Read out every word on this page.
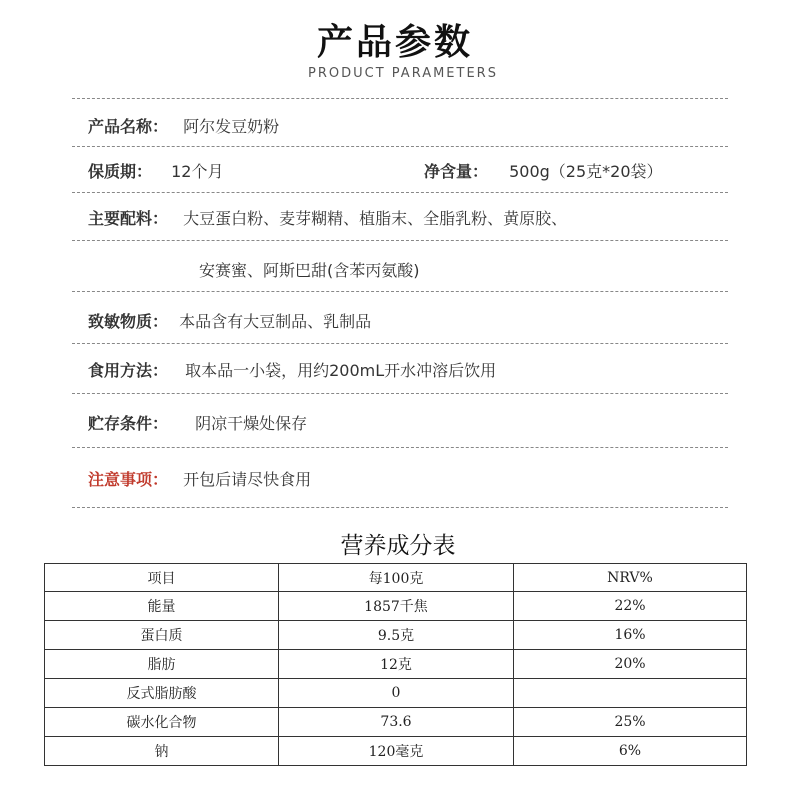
产品参数
PRODUCT PARAMETERS
产品名称： 阿尔发豆奶粉
保质期： 12个月	净含量： 500g（25克*20袋）
主要配料： 大豆蛋白粉、麦芽糊精、植脂末、全脂乳粉、黄原胶、
安赛蜜、阿斯巴甜(含苯丙氨酸)
致敏物质： 本品含有大豆制品、乳制品
食用方法： 取本品一小袋，用约200mL开水冲溶后饮用
贮存条件： 阴凉干燥处保存
注意事项： 开包后请尽快食用
营养成分表
项目	每100克	NRV%
能量	1857千焦	22%
蛋白质	9.5克	16%
脂肪	12克	20%
反式脂肪酸	0	
碳水化合物	73.6	25%
钠	120毫克	6%
